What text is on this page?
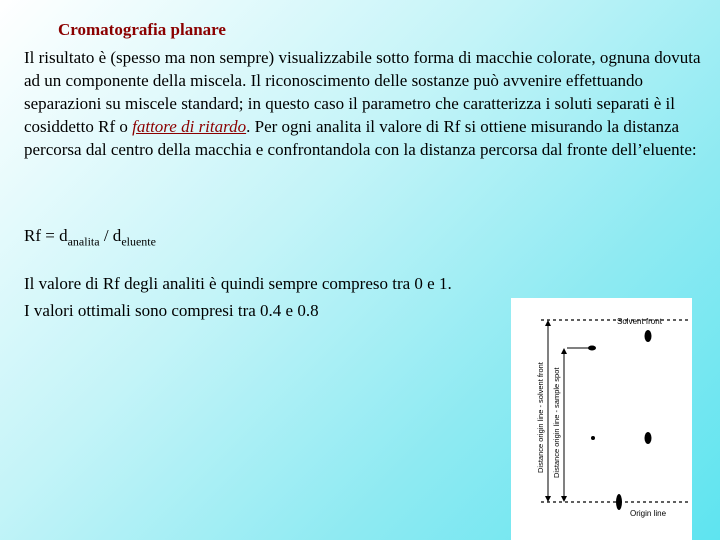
Cromatografia planare

Il risultato è (spesso ma non sempre) visualizzabile sotto forma di macchie colorate, ognuna dovuta ad un componente della miscela. Il riconoscimento delle sostanze può avvenire effettuando separazioni su miscele standard; in questo caso il parametro che caratterizza i soluti separati è il cosiddetto Rf o fattore di ritardo. Per ogni analita il valore di Rf si ottiene misurando la distanza percorsa dal centro della macchia e confrontandola con la distanza percorsa dal fronte dell’eluente:

$Rf = d_{analita} / d_{eluente}$

Il valore di Rf degli analiti è quindi sempre compreso tra 0 e 1.

I valori ottimali sono compresi tra 0.4 e 0.8

Solvent front
Origin line
Distance origin line - solvent front Distance origin line - sample spot
